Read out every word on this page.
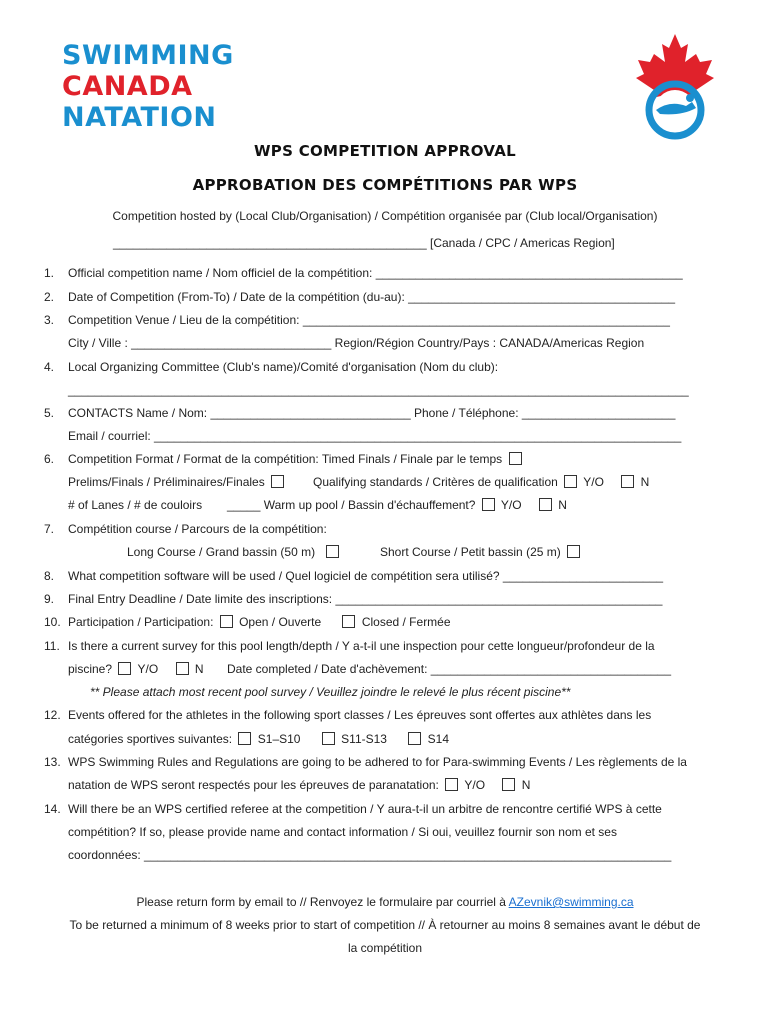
SWIMMING
CANADA
NATATION
WPS COMPETITION APPROVAL
APPROBATION DES COMPÉTITIONS PAR WPS
Competition hosted by (Local Club/Organisation) / Compétition organisée par (Club local/Organisation)
_______________________________________________ [Canada / CPC / Americas Region]
1. Official competition name / Nom officiel de la compétition: ______________________________________________
2. Date of Competition (From-To) / Date de la compétition (du-au): ________________________________________
3. Competition Venue / Lieu de la compétition: _______________________________________________________
City / Ville : ______________________________ Region/Région Country/Pays : CANADA/Americas Region
4. Local Organizing Committee (Club's name)/Comité d'organisation (Nom du club):
_____________________________________________________________________________________________
5. CONTACTS Name / Nom: ______________________________ Phone / Téléphone: _______________________
Email / courriel: _______________________________________________________________________________
6. Competition Format / Format de la compétition: Timed Finals / Finale par le temps
Prelims/Finals / Préliminaires/Finales	Qualifying standards / Critères de qualification Y/O	N
# of Lanes / # de couloirs _____ Warm up pool / Bassin d'échauffement? Y/O	N
7. Compétition course / Parcours de la compétition:
Long Course / Grand bassin (50 m)	Short Course / Petit bassin (25 m)
8. What competition software will be used / Quel logiciel de compétition sera utilisé? ________________________
9. Final Entry Deadline / Date limite des inscriptions: _________________________________________________
10. Participation / Participation: Open / Ouverte	Closed / Fermée
11. Is there a current survey for this pool length/depth / Y a-t-il une inspection pour cette longueur/profondeur de la
piscine? Y/O	N Date completed / Date d'achèvement: ____________________________________
** Please attach most recent pool survey / Veuillez joindre le relevé le plus récent piscine**
12. Events offered for the athletes in the following sport classes / Les épreuves sont offertes aux athlètes dans les
catégories sportives suivantes: S1–S10	S11-S13	S14
13. WPS Swimming Rules and Regulations are going to be adhered to for Para-swimming Events / Les règlements de la
natation de WPS seront respectés pour les épreuves de paranatation: Y/O	N
14. Will there be an WPS certified referee at the competition / Y aura-t-il un arbitre de rencontre certifié WPS à cette
compétition? If so, please provide name and contact information / Si oui, veuillez fournir son nom et ses
coordonnées: _______________________________________________________________________________
Please return form by email to // Renvoyez le formulaire par courriel à AZevnik@swimming.ca
To be returned a minimum of 8 weeks prior to start of competition // À retourner au moins 8 semaines avant le début de
la compétition
